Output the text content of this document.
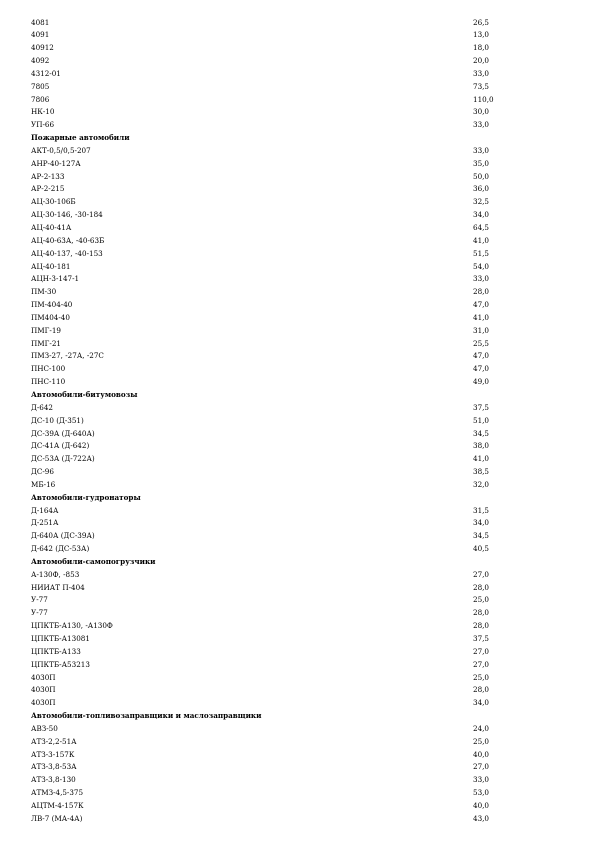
4081	26,5
4091	13,0
40912	18,0
4092	20,0
4312-01	33,0
7805	73,5
7806	110,0
НК-10	30,0
УП-66	33,0
Пожарные автомобили	
АКТ-0,5/0,5-207	33,0
АНР-40-127А	35,0
АР-2-133	50,0
АР-2-215	36,0
АЦ-30-106Б	32,5
АЦ-30-146, -30-184	34,0
АЦ-40-41А	64,5
АЦ-40-63А, -40-63Б	41,0
АЦ-40-137, -40-153	51,5
АЦ-40-181	54,0
АЦН-3-147-1	33,0
ПМ-30	28,0
ПМ-404-40	47,0
ПМ404-40	41,0
ПМГ-19	31,0
ПМГ-21	25,5
ПМЗ-27, -27А, -27С	47,0
ПНС-100	47,0
ПНС-110	49,0
Автомобили-битумовозы	
Д-642	37,5
ДС-10 (Д-351)	51,0
ДС-39А (Д-640А)	34,5
ДС-41А (Д-642)	38,0
ДС-53А (Д-722А)	41,0
ДС-96	38,5
МБ-16	32,0
Автомобили-гудронаторы	
Д-164А	31,5
Д-251А	34,0
Д-640А (ДС-39А)	34,5
Д-642 (ДС-53А)	40,5
Автомобили-самопогрузчики	
А-130Ф, -853	27,0
НИИАТ П-404	28,0
У-77	25,0
У-77	28,0
ЦПКТБ-А130, -А130Ф	28,0
ЦПКТБ-А13081	37,5
ЦПКТБ-А133	27,0
ЦПКТБ-А53213	27,0
4030П	25,0
4030П	28,0
4030П	34,0
Автомобили-топливозаправщики и маслозаправщики	
АВЗ-50	24,0
АТЗ-2,2-51А	25,0
АТЗ-3-157К	40,0
АТЗ-3,8-53А	27,0
АТЗ-3,8-130	33,0
АТМЗ-4,5-375	53,0
АЦТМ-4-157К	40,0
ЛВ-7 (МА-4А)	43,0
